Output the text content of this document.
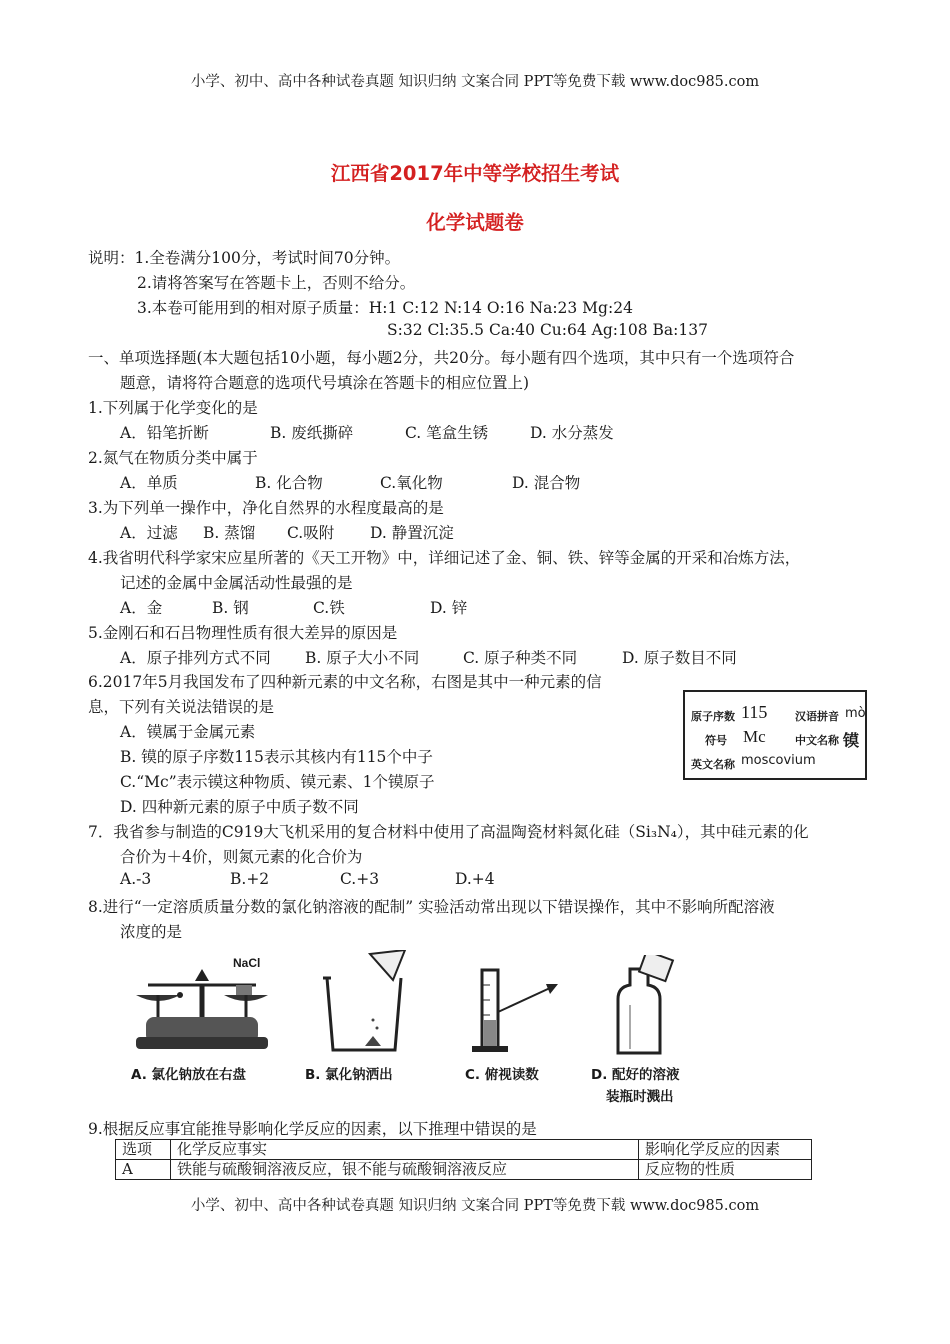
小学、初中、高中各种试卷真题 知识归纳 文案合同 PPT等免费下载 www.doc985.com
江西省2017年中等学校招生考试
化学试题卷
说明：1.全卷满分100分，考试时间70分钟。
2.请将答案写在答题卡上，否则不给分。
3.本卷可能用到的相对原子质量：H:1 C:12 N:14 O:16 Na:23 Mg:24
S:32 Cl:35.5 Ca:40 Cu:64 Ag:108 Ba:137
一、单项选择题(本大题包括10小题，每小题2分，共20分。每小题有四个选项，其中只有一个选项符合
题意，请将符合题意的选项代号填涂在答题卡的相应位置上)
1.下列属于化学变化的是
A．铅笔折断	B. 废纸撕碎	C. 笔盒生锈	D. 水分蒸发
2.氮气在物质分类中属于
A．单质	B. 化合物	C.氧化物	D. 混合物
3.为下列单一操作中，净化自然界的水程度最高的是
A．过滤 B. 蒸馏 C.吸附 D. 静置沉淀
4.我省明代科学家宋应星所著的《天工开物》中，详细记述了金、铜、铁、锌等金属的开采和冶炼方法，
记述的金属中金属活动性最强的是
A．金	B. 钢	C.铁	D. 锌
5.金刚石和石吕物理性质有很大差异的原因是
A．原子排列方式不同 B. 原子大小不同	C. 原子种类不同	D. 原子数目不同
6.2017年5月我国发布了四种新元素的中文名称，右图是其中一种元素的信
息，下列有关说法错误的是
A．镆属于金属元素
B. 镆的原子序数115表示其核内有115个中子
C.“Mc”表示镆这种物质、镆元素、1个镆原子
D. 四种新元素的原子中质子数不同
原子序数 115	汉语拼音 mò
符号 Mc	中文名称 镆
英文名称 moscovium
7．我省参与制造的C919大飞机采用的复合材料中使用了高温陶瓷材料氮化硅（Si₃N₄），其中硅元素的化
合价为＋4价，则氮元素的化合价为
A.-3	B.+2	C.+3	D.+4
8.进行“一定溶质质量分数的氯化钠溶液的配制” 实验活动常出现以下错误操作，其中不影响所配溶液
浓度的是
NaCl
A. 氯化钠放在右盘	B. 氯化钠洒出	C. 俯视读数	D. 配好的溶液
装瓶时溅出
9.根据反应事宜能推导影响化学反应的因素，以下推理中错误的是
选项	化学反应事实	影响化学反应的因素
A	铁能与硫酸铜溶液反应，银不能与硫酸铜溶液反应	反应物的性质
小学、初中、高中各种试卷真题 知识归纳 文案合同 PPT等免费下载 www.doc985.com
